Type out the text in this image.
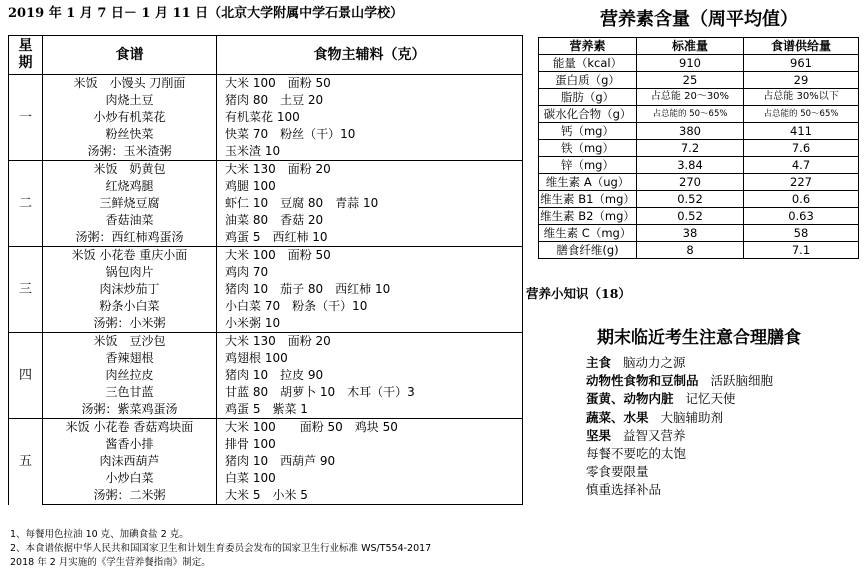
2019 年 1 月 7 日－ 1 月 11 日（北京大学附属中学石景山学校）
星期	食谱	食物主辅料（克）
一	米饭　小馒头 刀削面	大米 100　面粉 50
	肉烧土豆	猪肉 80　土豆 20
	小炒有机菜花	有机菜花 100
	粉丝快菜	快菜 70　粉丝（干）10
	汤粥：玉米渣粥	玉米渣 10
二	米饭　奶黄包	大米 130　面粉 20
	红烧鸡腿	鸡腿 100
	三鲜烧豆腐	虾仁 10　豆腐 80　青蒜 10
	香菇油菜	油菜 80　香菇 20
	汤粥：西红柿鸡蛋汤	鸡蛋 5　西红柿 10
三	米饭 小花卷 重庆小面	大米 100　面粉 50
	锅包肉片	鸡肉 70
	肉沫炒茄丁	猪肉 10　茄子 80　西红柿 10
	粉条小白菜	小白菜 70　粉条（干）10
	汤粥：小米粥	小米粥 10
四	米饭　豆沙包	大米 130　面粉 20
	香辣翅根	鸡翅根 100
	肉丝拉皮	猪肉 10　拉皮 90
	三色甘蓝	甘蓝 80　胡萝卜 10　木耳（干）3
	汤粥：紫菜鸡蛋汤	鸡蛋 5　紫菜 1
五	米饭 小花卷 香菇鸡块面	大米 100　　面粉 50　鸡块 50
	酱香小排	排骨 100
	肉沫西葫芦	猪肉 10　西葫芦 90
	小炒白菜	白菜 100
	汤粥：二米粥	大米 5　小米 5
1、每餐用色拉油 10 克、加碘食盐 2 克。
2、本食谱依据中华人民共和国国家卫生和计划生育委员会发布的国家卫生行业标准 WS/T554-2017
2018 年 2 月实施的《学生营养餐指南》制定。
营养素含量（周平均值）
营养素	标准量	食谱供给量
能量（kcal）	910	961
蛋白质（g）	25	29
脂肪（g）	占总能 20～30%	占总能 30%以下
碳水化合物（g）	占总能的 50～65%	占总能的 50～65%
钙（mg）	380	411
铁（mg）	7.2	7.6
锌（mg）	3.84	4.7
维生素 A（ug）	270	227
维生素 B1（mg）	0.52	0.6
维生素 B2（mg）	0.52	0.63
维生素 C（mg）	38	58
膳食纤维(g)	8	7.1
营养小知识（18）
期末临近考生注意合理膳食
主食 脑动力之源
动物性食物和豆制品 活跃脑细胞
蛋黄、动物内脏 记忆天使
蔬菜、水果 大脑辅助剂
坚果 益智又营养
每餐不要吃的太饱
零食要限量
慎重选择补品
